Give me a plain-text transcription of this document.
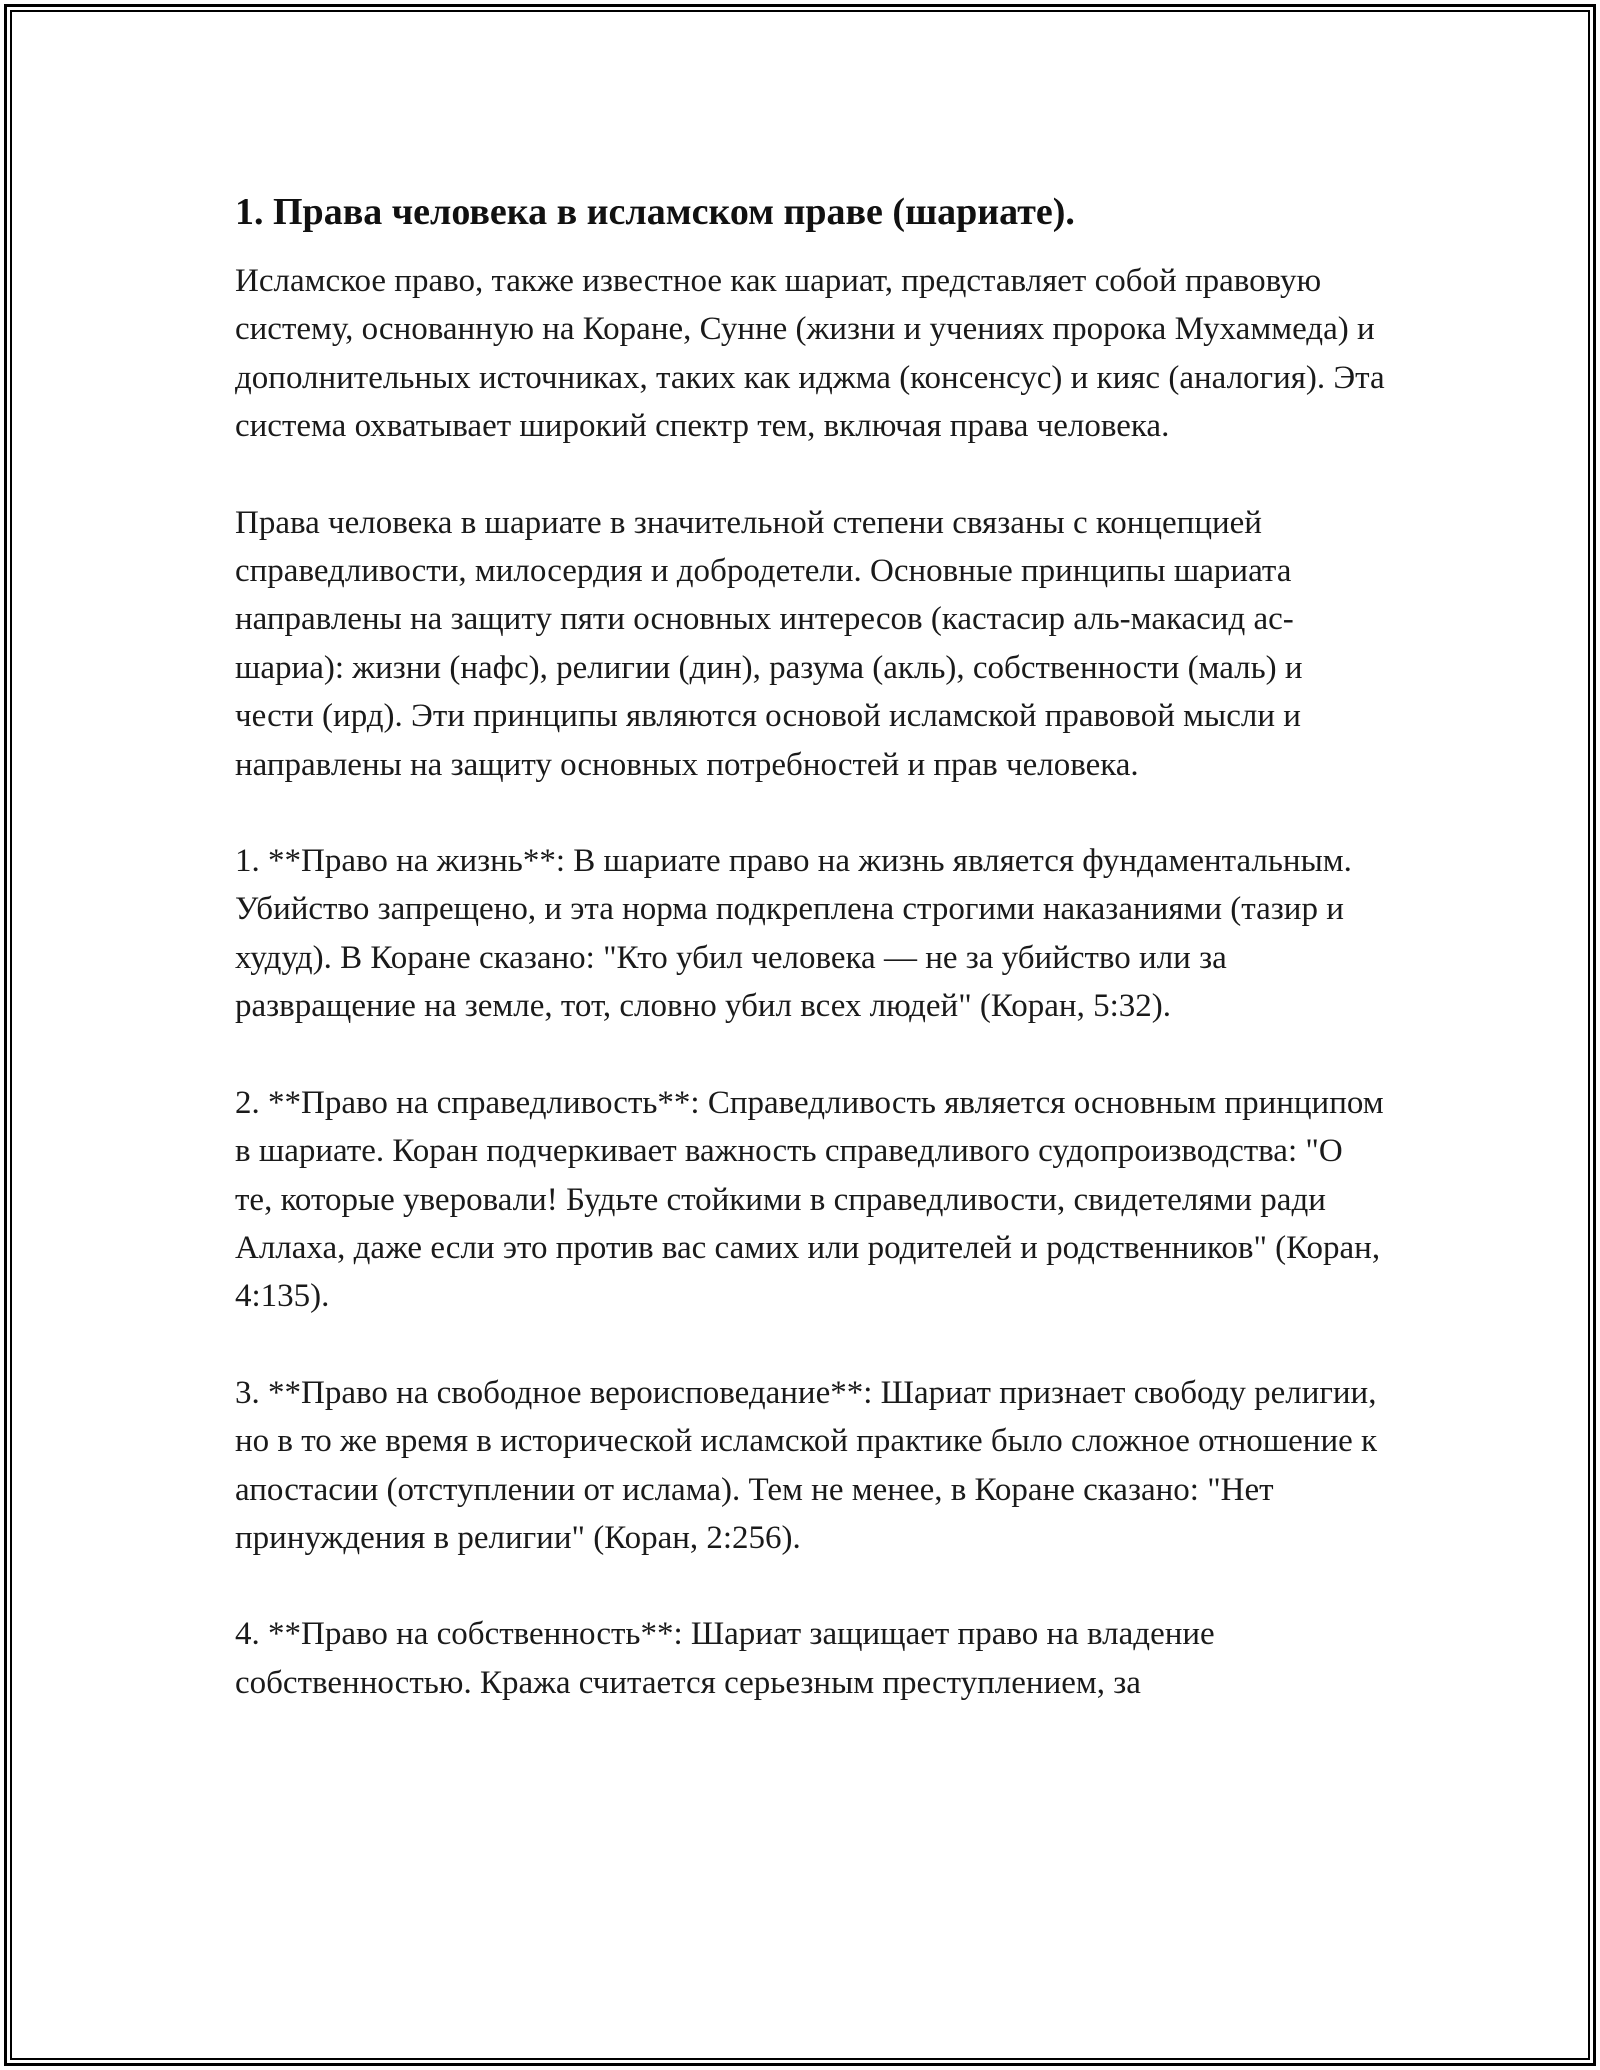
1. Права человека в исламском праве (шариате).

Исламское право, также известное как шариат, представляет собой правовую систему, основанную на Коране, Сунне (жизни и учениях пророка Мухаммеда) и дополнительных источниках, таких как иджма (консенсус) и кияс (аналогия). Эта система охватывает широкий спектр тем, включая права человека.

Права человека в шариате в значительной степени связаны с концепцией справедливости, милосердия и добродетели. Основные принципы шариата направлены на защиту пяти основных интересов (кастасир аль-макасид ас-шариа): жизни (нафс), религии (дин), разума (акль), собственности (маль) и чести (ирд). Эти принципы являются основой исламской правовой мысли и направлены на защиту основных потребностей и прав человека.

1. **Право на жизнь**: В шариате право на жизнь является фундаментальным. Убийство запрещено, и эта норма подкреплена строгими наказаниями (тазир и худуд). В Коране сказано: "Кто убил человека — не за убийство или за развращение на земле, тот, словно убил всех людей" (Коран, 5:32).

2. **Право на справедливость**: Справедливость является основным принципом в шариате. Коран подчеркивает важность справедливого судопроизводства: "О те, которые уверовали! Будьте стойкими в справедливости, свидетелями ради Аллаха, даже если это против вас самих или родителей и родственников" (Коран, 4:135).

3. **Право на свободное вероисповедание**: Шариат признает свободу религии, но в то же время в исторической исламской практике было сложное отношение к апостасии (отступлении от ислама). Тем не менее, в Коране сказано: "Нет принуждения в религии" (Коран, 2:256).

4. **Право на собственность**: Шариат защищает право на владение собственностью. Кража считается серьезным преступлением, за
